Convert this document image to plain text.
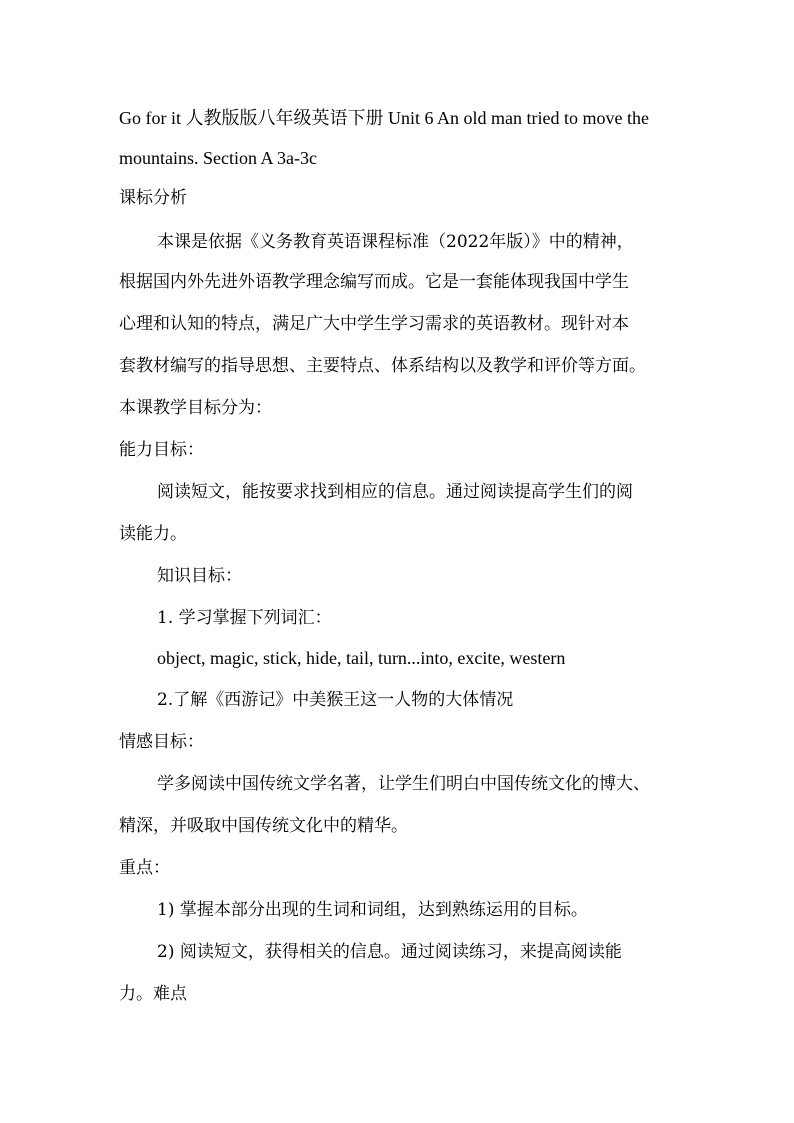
Go for it 人教版版八年级英语下册 Unit 6 An old man tried to move the

mountains. Section A 3a-3c

课标分析

本课是依据《义务教育英语课程标准（2022年版）》中的精神，

根据国内外先进外语教学理念编写而成。它是一套能体现我国中学生

心理和认知的特点，满足广大中学生学习需求的英语教材。现针对本

套教材编写的指导思想、主要特点、体系结构以及教学和评价等方面。

本课教学目标分为：

能力目标：

阅读短文，能按要求找到相应的信息。通过阅读提高学生们的阅

读能力。

知识目标：

1. 学习掌握下列词汇：

object, magic, stick, hide, tail, turn...into, excite, western

2.了解《西游记》中美猴王这一人物的大体情况

情感目标：

学多阅读中国传统文学名著，让学生们明白中国传统文化的博大、

精深，并吸取中国传统文化中的精华。

重点：

1) 掌握本部分出现的生词和词组，达到熟练运用的目标。

2) 阅读短文，获得相关的信息。通过阅读练习，来提高阅读能

力。难点
